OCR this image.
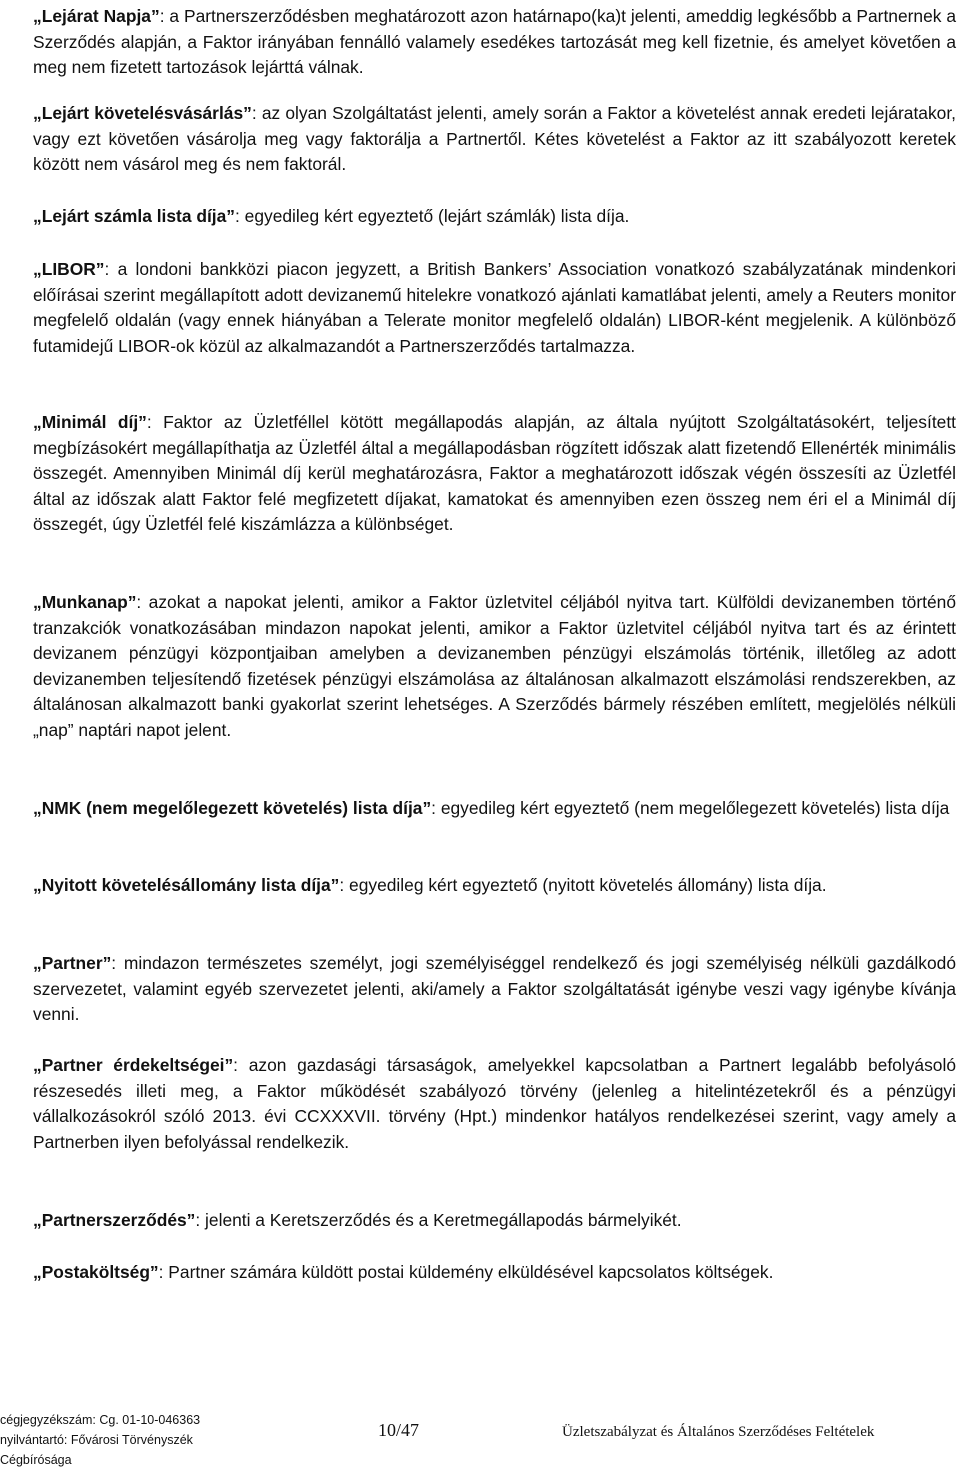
„Lejárat Napja”: a Partnerszerződésben meghatározott azon határnapo(ka)t jelenti, ameddig legkésőbb a Partnernek a Szerződés alapján, a Faktor irányában fennálló valamely esedékes tartozását meg kell fizetnie, és amelyet követően a meg nem fizetett tartozások lejárttá válnak.

„Lejárt követelésvásárlás”: az olyan Szolgáltatást jelenti, amely során a Faktor a követelést annak eredeti lejáratakor, vagy ezt követően vásárolja meg vagy faktorálja a Partnertől. Kétes követelést a Faktor az itt szabályozott keretek között nem vásárol meg és nem faktorál.

„Lejárt számla lista díja”: egyedileg kért egyeztető (lejárt számlák) lista díja.

„LIBOR”: a londoni bankközi piacon jegyzett, a British Bankers’ Association vonatkozó szabályzatának mindenkori előírásai szerint megállapított adott devizanemű hitelekre vonatkozó ajánlati kamatlábat jelenti, amely a Reuters monitor megfelelő oldalán (vagy ennek hiányában a Telerate monitor megfelelő oldalán) LIBOR-ként megjelenik. A különböző futamidejű LIBOR-ok közül az alkalmazandót a Partnerszerződés tartalmazza.

„Minimál díj”: Faktor az Üzletféllel kötött megállapodás alapján, az általa nyújtott Szolgáltatásokért, teljesített megbízásokért megállapíthatja az Üzletfél által a megállapodásban rögzített időszak alatt fizetendő Ellenérték minimális összegét. Amennyiben Minimál díj kerül meghatározásra, Faktor a meghatározott időszak végén összesíti az Üzletfél által az időszak alatt Faktor felé megfizetett díjakat, kamatokat és amennyiben ezen összeg nem éri el a Minimál díj összegét, úgy Üzletfél felé kiszámlázza a különbséget.

„Munkanap”: azokat a napokat jelenti, amikor a Faktor üzletvitel céljából nyitva tart. Külföldi devizanemben történő tranzakciók vonatkozásában mindazon napokat jelenti, amikor a Faktor üzletvitel céljából nyitva tart és az érintett devizanem pénzügyi központjaiban amelyben a devizanemben pénzügyi elszámolás történik, illetőleg az adott devizanemben teljesítendő fizetések pénzügyi elszámolása az általánosan alkalmazott elszámolási rendszerekben, az általánosan alkalmazott banki gyakorlat szerint lehetséges. A Szerződés bármely részében említett, megjelölés nélküli „nap” naptári napot jelent.

„NMK (nem megelőlegezett követelés) lista díja”: egyedileg kért egyeztető (nem megelőlegezett követelés) lista díja

„Nyitott követelésállomány lista díja”: egyedileg kért egyeztető (nyitott követelés állomány) lista díja.

„Partner”: mindazon természetes személyt, jogi személyiséggel rendelkező és jogi személyiség nélküli gazdálkodó szervezetet, valamint egyéb szervezetet jelenti, aki/amely a Faktor szolgáltatását igénybe veszi vagy igénybe kívánja venni.

„Partner érdekeltségei”: azon gazdasági társaságok, amelyekkel kapcsolatban a Partnert legalább befolyásoló részesedés illeti meg, a Faktor működését szabályozó törvény (jelenleg a hitelintézetekről és a pénzügyi vállalkozásokról szóló 2013. évi CCXXXVII. törvény (Hpt.) mindenkor hatályos rendelkezései szerint, vagy amely a Partnerben ilyen befolyással rendelkezik.

„Partnerszerződés”: jelenti a Keretszerződés és a Keretmegállapodás bármelyikét.

„Postaköltség”: Partner számára küldött postai küldemény elküldésével kapcsolatos költségek.

cégjegyzékszám: Cg. 01-10-046363
nyilvántartó: Fővárosi Törvényszék
Cégbírósága
10/47	Üzletszabályzat és Általános Szerződéses Feltételek
